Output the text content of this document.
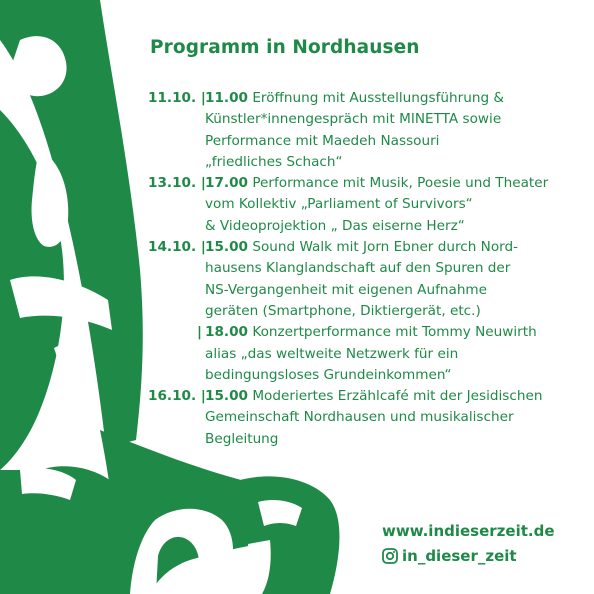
Programm in Nordhausen
11.10. | 11.00 Eröffnung mit Ausstellungsführung &
Künstler*innengespräch mit MINETTA sowie
Performance mit Maedeh Nassouri
„friedliches Schach“
13.10. | 17.00 Performance mit Musik, Poesie und Theater
vom Kollektiv „Parliament of Survivors“
& Videoprojektion „ Das eiserne Herz“
14.10. | 15.00 Sound Walk mit Jorn Ebner durch Nord-
hausens Klanglandschaft auf den Spuren der
NS-Vergangenheit mit eigenen Aufnahme
geräten (Smartphone, Diktiergerät, etc.)
| 18.00 Konzertperformance mit Tommy Neuwirth
alias „das weltweite Netzwerk für ein
bedingungsloses Grundeinkommen“
16.10. | 15.00 Moderiertes Erzählcafé mit der Jesidischen
Gemeinschaft Nordhausen und musikalischer
Begleitung
www.indieserzeit.de
in_dieser_zeit
